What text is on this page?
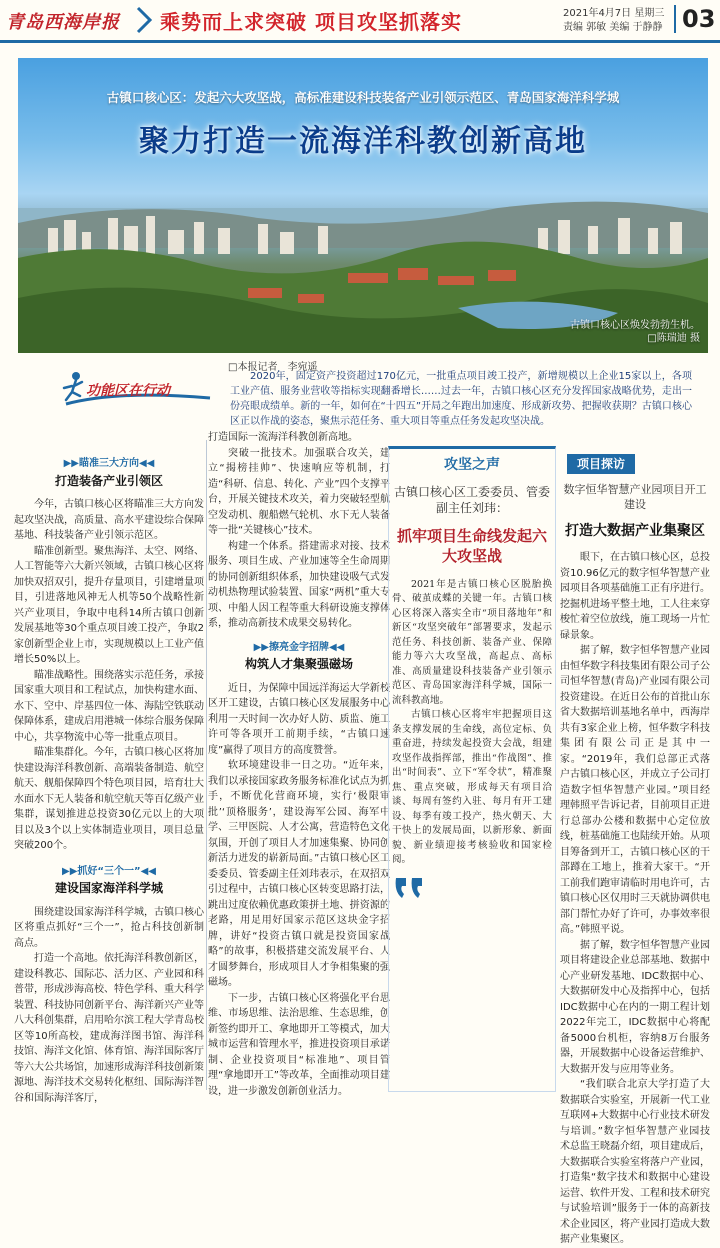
青岛西海岸报 乘势而上求突破 项目攻坚抓落实	2021年4月7日 星期三
责编 郭敏 美编 于静静 03
古镇口核心区：发起六大攻坚战，高标准建设科技装备产业引领示范区、青岛国家海洋科学城
聚力打造一流海洋科教创新高地
古镇口核心区焕发勃勃生机。
□陈瑞迪 摄
□本报记者　李宛遥
功能区在行动
2020年，固定资产投资超过170亿元，一批重点项目竣工投产，新增规模以上企业15家以上，各项工业产值、服务业营收等指标实现翻番增长……过去一年，古镇口核心区充分发挥国家战略优势，走出一份亮眼成绩单。新的一年，如何在“十四五”开局之年跑出加速度、形成新攻势、把握收获期？古镇口核心区正以作战的姿态，聚焦示范任务、重大项目等重点任务发起攻坚决战。
▶▶瞄准三大方向◀◀
打造装备产业引领区

今年，古镇口核心区将瞄准三大方向发起攻坚决战，高质量、高水平建设综合保障基地、科技装备产业引领示范区。

瞄准创新型。聚焦海洋、太空、网络、人工智能等六大新兴领域，古镇口核心区将加快双招双引，提升存量项目，引建增量项目，引进落地风神无人机等50个战略性新兴产业项目，争取中电科14所古镇口创新发展基地等30个重点项目竣工投产，争取2家创新型企业上市，实现规模以上工业产值增长50%以上。

瞄准战略性。围绕落实示范任务，承接国家重大项目和工程试点，加快构建水面、水下、空中、岸基四位一体、海陆空铁联动保障体系，建成启用港城一体综合服务保障中心，共享物流中心等一批重点项目。

瞄准集群化。今年，古镇口核心区将加快建设海洋科教创新、高端装备制造、航空航天、舰船保障四个特色项目园，培育壮大水面水下无人装备和航空航天等百亿级产业集群，谋划推进总投资30亿元以上的大项目以及3个以上实体制造业项目，项目总量突破200个。

▶▶抓好“三个一”◀◀
建设国家海洋科学城

围绕建设国家海洋科学城，古镇口核心区将重点抓好“三个一”，抢占科技创新制高点。

打造一个高地。依托海洋科教创新区，建设科教芯、国际芯、活力区、产业园和科普带，形成涉海高校、特色学科、重大科学装置、科技协同创新平台、海洋新兴产业等八大科创集群，启用哈尔滨工程大学青岛校区等10所高校，建成海洋图书馆、海洋科技馆、海洋文化馆、体育馆、海洋国际客厅等六大公共场馆，加速形成海洋科技创新策源地、海洋技术交易转化枢纽、国际海洋智谷和国际海洋客厅，

打造国际一流海洋科教创新高地。

突破一批技术。加强联合攻关，建立“揭榜挂帅”、快速响应等机制，打造“科研、信息、转化、产业”四个支撑平台，开展关键技术攻关，着力突破轻型航空发动机、舰船燃气轮机、水下无人装备等一批“关键核心”技术。

构建一个体系。搭建需求对接、技术服务、项目生成、产业加速等全生命周期的协同创新组织体系，加快建设吸气式发动机热物理试验装置、国家“两机”重大专项、中船人因工程等重大科研设施支撑体系，推动高新技术成果交易转化。

▶▶擦亮金字招牌◀◀
构筑人才集聚强磁场

近日，为保障中国远洋海运大学新校区开工建设，古镇口核心区发展服务中心利用一天时间一次办好人防、质监、施工许可等各项开工前期手续，“古镇口速度”赢得了项目方的高度赞誉。

软环境建设非一日之功。“近年来，我们以承接国家政务服务标准化试点为抓手，不断优化营商环境，实行‘极限审批’‘顶格服务’，建设海军公园、海军中学、三甲医院、人才公寓，营造特色文化氛围，开创了项目人才加速集聚、协同创新活力迸发的崭新局面。”古镇口核心区工委委员、管委副主任刘玮表示，在双招双引过程中，古镇口核心区转变思路打法，跳出过度依赖优惠政策拼土地、拼资源的老路，用足用好国家示范区这块金字招牌，讲好“投资古镇口就是投资国家战略”的故事，积极搭建交流发展平台、人才圆梦舞台，形成项目人才争相集聚的强磁场。

下一步，古镇口核心区将强化平台思维、市场思维、法治思维、生态思维，创新签约即开工、拿地即开工等模式，加大城市运营和管理水平，推进投资项目承诺制、企业投资项目“标准地”、项目管理“拿地即开工”等改革，全面推动项目建设，进一步激发创新创业活力。

攻坚之声
古镇口核心区工委委员、管委副主任刘玮：
抓牢项目生命线发起六大攻坚战

2021年是古镇口核心区脱胎换骨、破茧成蝶的关键一年。古镇口核心区将深入落实全市“项目落地年”和新区“攻坚突破年”部署要求，发起示范任务、科技创新、装备产业、保障能力等六大攻坚战，高起点、高标准、高质量建设科技装备产业引领示范区、青岛国家海洋科学城，国际一流科教高地。

古镇口核心区将牢牢把握项目这条支撑发展的生命线，高位定标、负重奋进，持续发起投资大会战，组建攻坚作战指挥部，推出“作战图”、推出“时间表”、立下“军令状”，精准聚焦、重点突破，形成每天有项目洽谈、每周有签约入驻、每月有开工建设、每季有竣工投产，热火朝天、大干快上的发展局面，以新形象、新面貌、新业绩迎接考核验收和国家检阅。

项目探访
数字恒华智慧产业园项目开工建设
打造大数据产业集聚区

眼下，在古镇口核心区，总投资10.96亿元的数字恒华智慧产业园项目各项基础施工正有序进行。挖掘机进场平整土地，工人往来穿梭忙着空位放线，施工现场一片忙碌景象。

据了解，数字恒华智慧产业园由恒华数字科技集团有限公司子公司恒华智慧(青岛)产业园有限公司投资建设。在近日公布的首批山东省大数据培训基地名单中，西海岸共有3家企业上榜，恒华数字科技集团有限公司正是其中一家。“2019年，我们总部正式落户古镇口核心区，并成立子公司打造数字恒华智慧产业园。”项目经理韩照平告诉记者，目前项目正进行总部办公楼和数据中心定位放线，桩基础施工也陆续开始。从项目筹备到开工，古镇口核心区的干部蹲在工地上，推着大家干。“开工前我们跑审请临时用电许可，古镇口核心区仅用时三天就协调供电部门帮忙办好了许可，办事效率很高。”韩照平说。

据了解，数字恒华智慧产业园项目将建设企业总部基地、数据中心产业研发基地、IDC数据中心、大数据研发中心及指挥中心，包括IDC数据中心在内的一期工程计划2022年完工，IDC数据中心将配备5000台机柜，容纳8万台服务器，开展数据中心设备运营维护、大数据开发与应用等业务。

“我们联合北京大学打造了大数据联合实验室，开展新一代工业互联网+大数据中心行业技术研发与培训。”数字恒华智慧产业园技术总监王晓磊介绍，项目建成后，大数据联合实验室将落户产业园，打造集“数字技术和数据中心建设运营、软件开发、工程和技术研究与试验培训”服务于一体的高新技术企业园区，将产业园打造成大数据产业集聚区。
